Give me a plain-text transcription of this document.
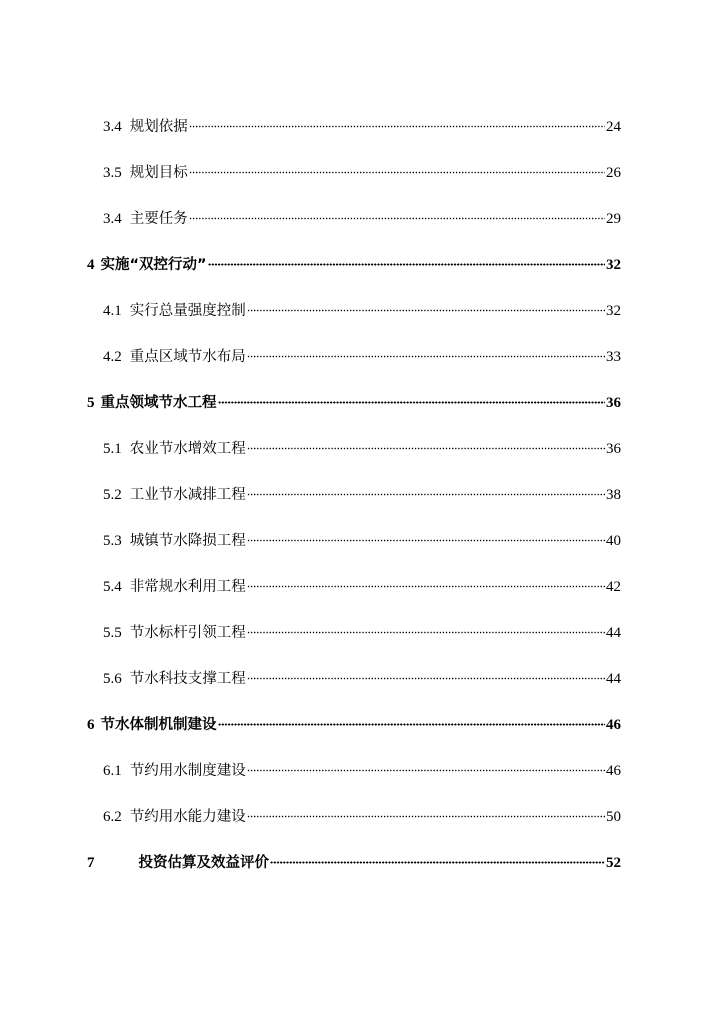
3.4 规划依据	24
3.5 规划目标	26
3.4 主要任务	29
4 实施“双控行动”	32
4.1 实行总量强度控制	32
4.2 重点区域节水布局	33
5 重点领域节水工程	36
5.1 农业节水增效工程	36
5.2 工业节水减排工程	38
5.3 城镇节水降损工程	40
5.4 非常规水利用工程	42
5.5 节水标杆引领工程	44
5.6 节水科技支撑工程	44
6 节水体制机制建设	46
6.1 节约用水制度建设	46
6.2 节约用水能力建设	50
7	投资估算及效益评价	52
